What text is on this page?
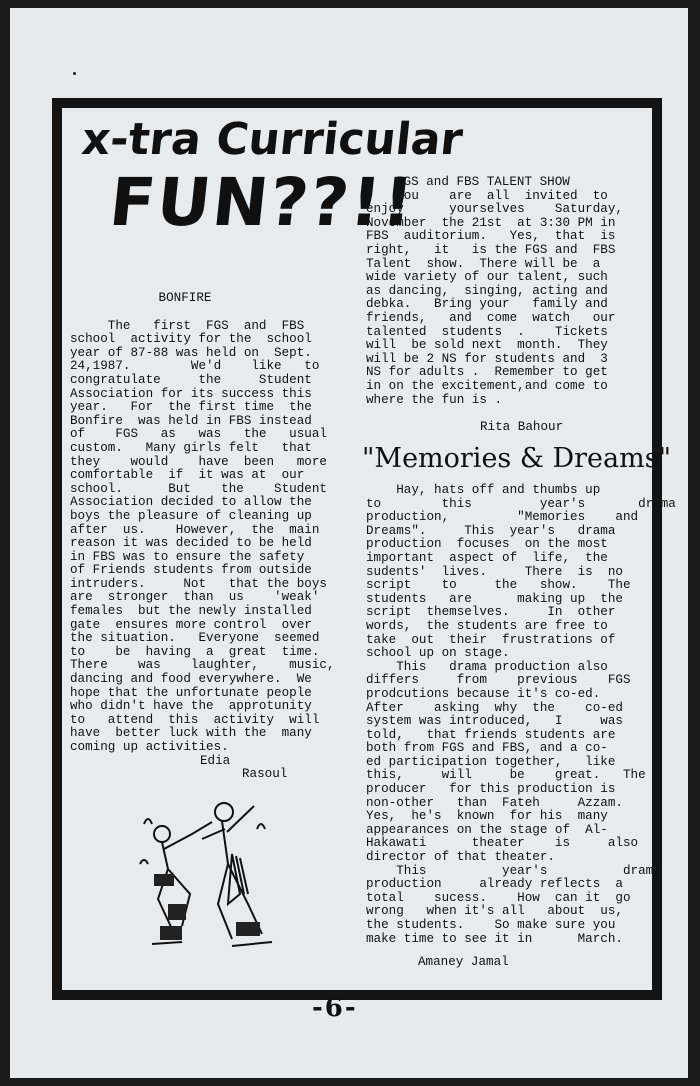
x-tra Curricular
FUN??!!

BONFIRE

The   first  FGS  and  FBS

school  activity for the  school

year of 87-88 was held on  Sept.

24,1987.        We'd    like   to

congratulate     the     Student

Association for its success this

year.   For  the first time  the

Bonfire  was held in FBS instead

of    FGS   as   was   the   usual

custom.   Many girls felt   that

they    would    have  been   more

comfortable  if  it was at  our

school.      But    the    Student

Association decided to allow the

boys the pleasure of cleaning up

after  us.    However,  the  main

reason it was decided to be held

in FBS was to ensure the safety

of Friends students from outside

intruders.     Not   that the boys

are  stronger  than  us    'weak'

females  but the newly installed

gate  ensures more control  over

the situation.   Everyone  seemed

to    be  having  a  great  time.

There    was    laughter,    music,

dancing and food everywhere.  We

hope that the unfortunate people

who didn't have the  approtunity

to   attend  this  activity  will

have  better luck with the  many

coming up activities.

Edia

Rasoul

FGS and FBS TALENT SHOW

You    are  all  invited  to

enjoy      yourselves    Saturday,

November  the 21st  at 3:30 PM in

FBS  auditorium.   Yes,  that  is

right,   it   is the FGS and  FBS

Talent  show.  There will be  a

wide variety of our talent, such

as dancing,  singing, acting and

debka.   Bring your   family and

friends,   and  come  watch   our

talented  students  .    Tickets

will  be sold next  month.  They

will be 2 NS for students and  3

NS for adults .  Remember to get

in on the excitement,and come to

where the fun is .

Rita Bahour

"Memories & Dreams"

Hay, hats off and thumbs up

to        this         year's       drama

production,         "Memories    and

Dreams".     This  year's   drama

production  focuses  on the most

important  aspect of  life,  the

sudents'  lives.     There  is  no

script    to     the   show.    The

students   are      making up  the

script  themselves.     In  other

words,  the students are free to

take  out  their  frustrations of

school up on stage.

This   drama production also

differs     from    previous    FGS

prodcutions because it's co-ed.

After    asking  why  the    co-ed

system was introduced,   I     was

told,   that friends students are

both from FGS and FBS, and a co-

ed participation together,   like

this,     will     be    great.   The

producer   for this production is

non-other   than  Fateh     Azzam.

Yes,  he's  known  for his  many

appearances on the stage of  Al-

Hakawati      theater    is     also

director of that theater.

This          year's          drama

production     already reflects  a

total    sucess.    How  can it  go

wrong   when it's all   about  us,

the students.    So make sure you

make time to see it in      March.

Amaney Jamal

-6-
